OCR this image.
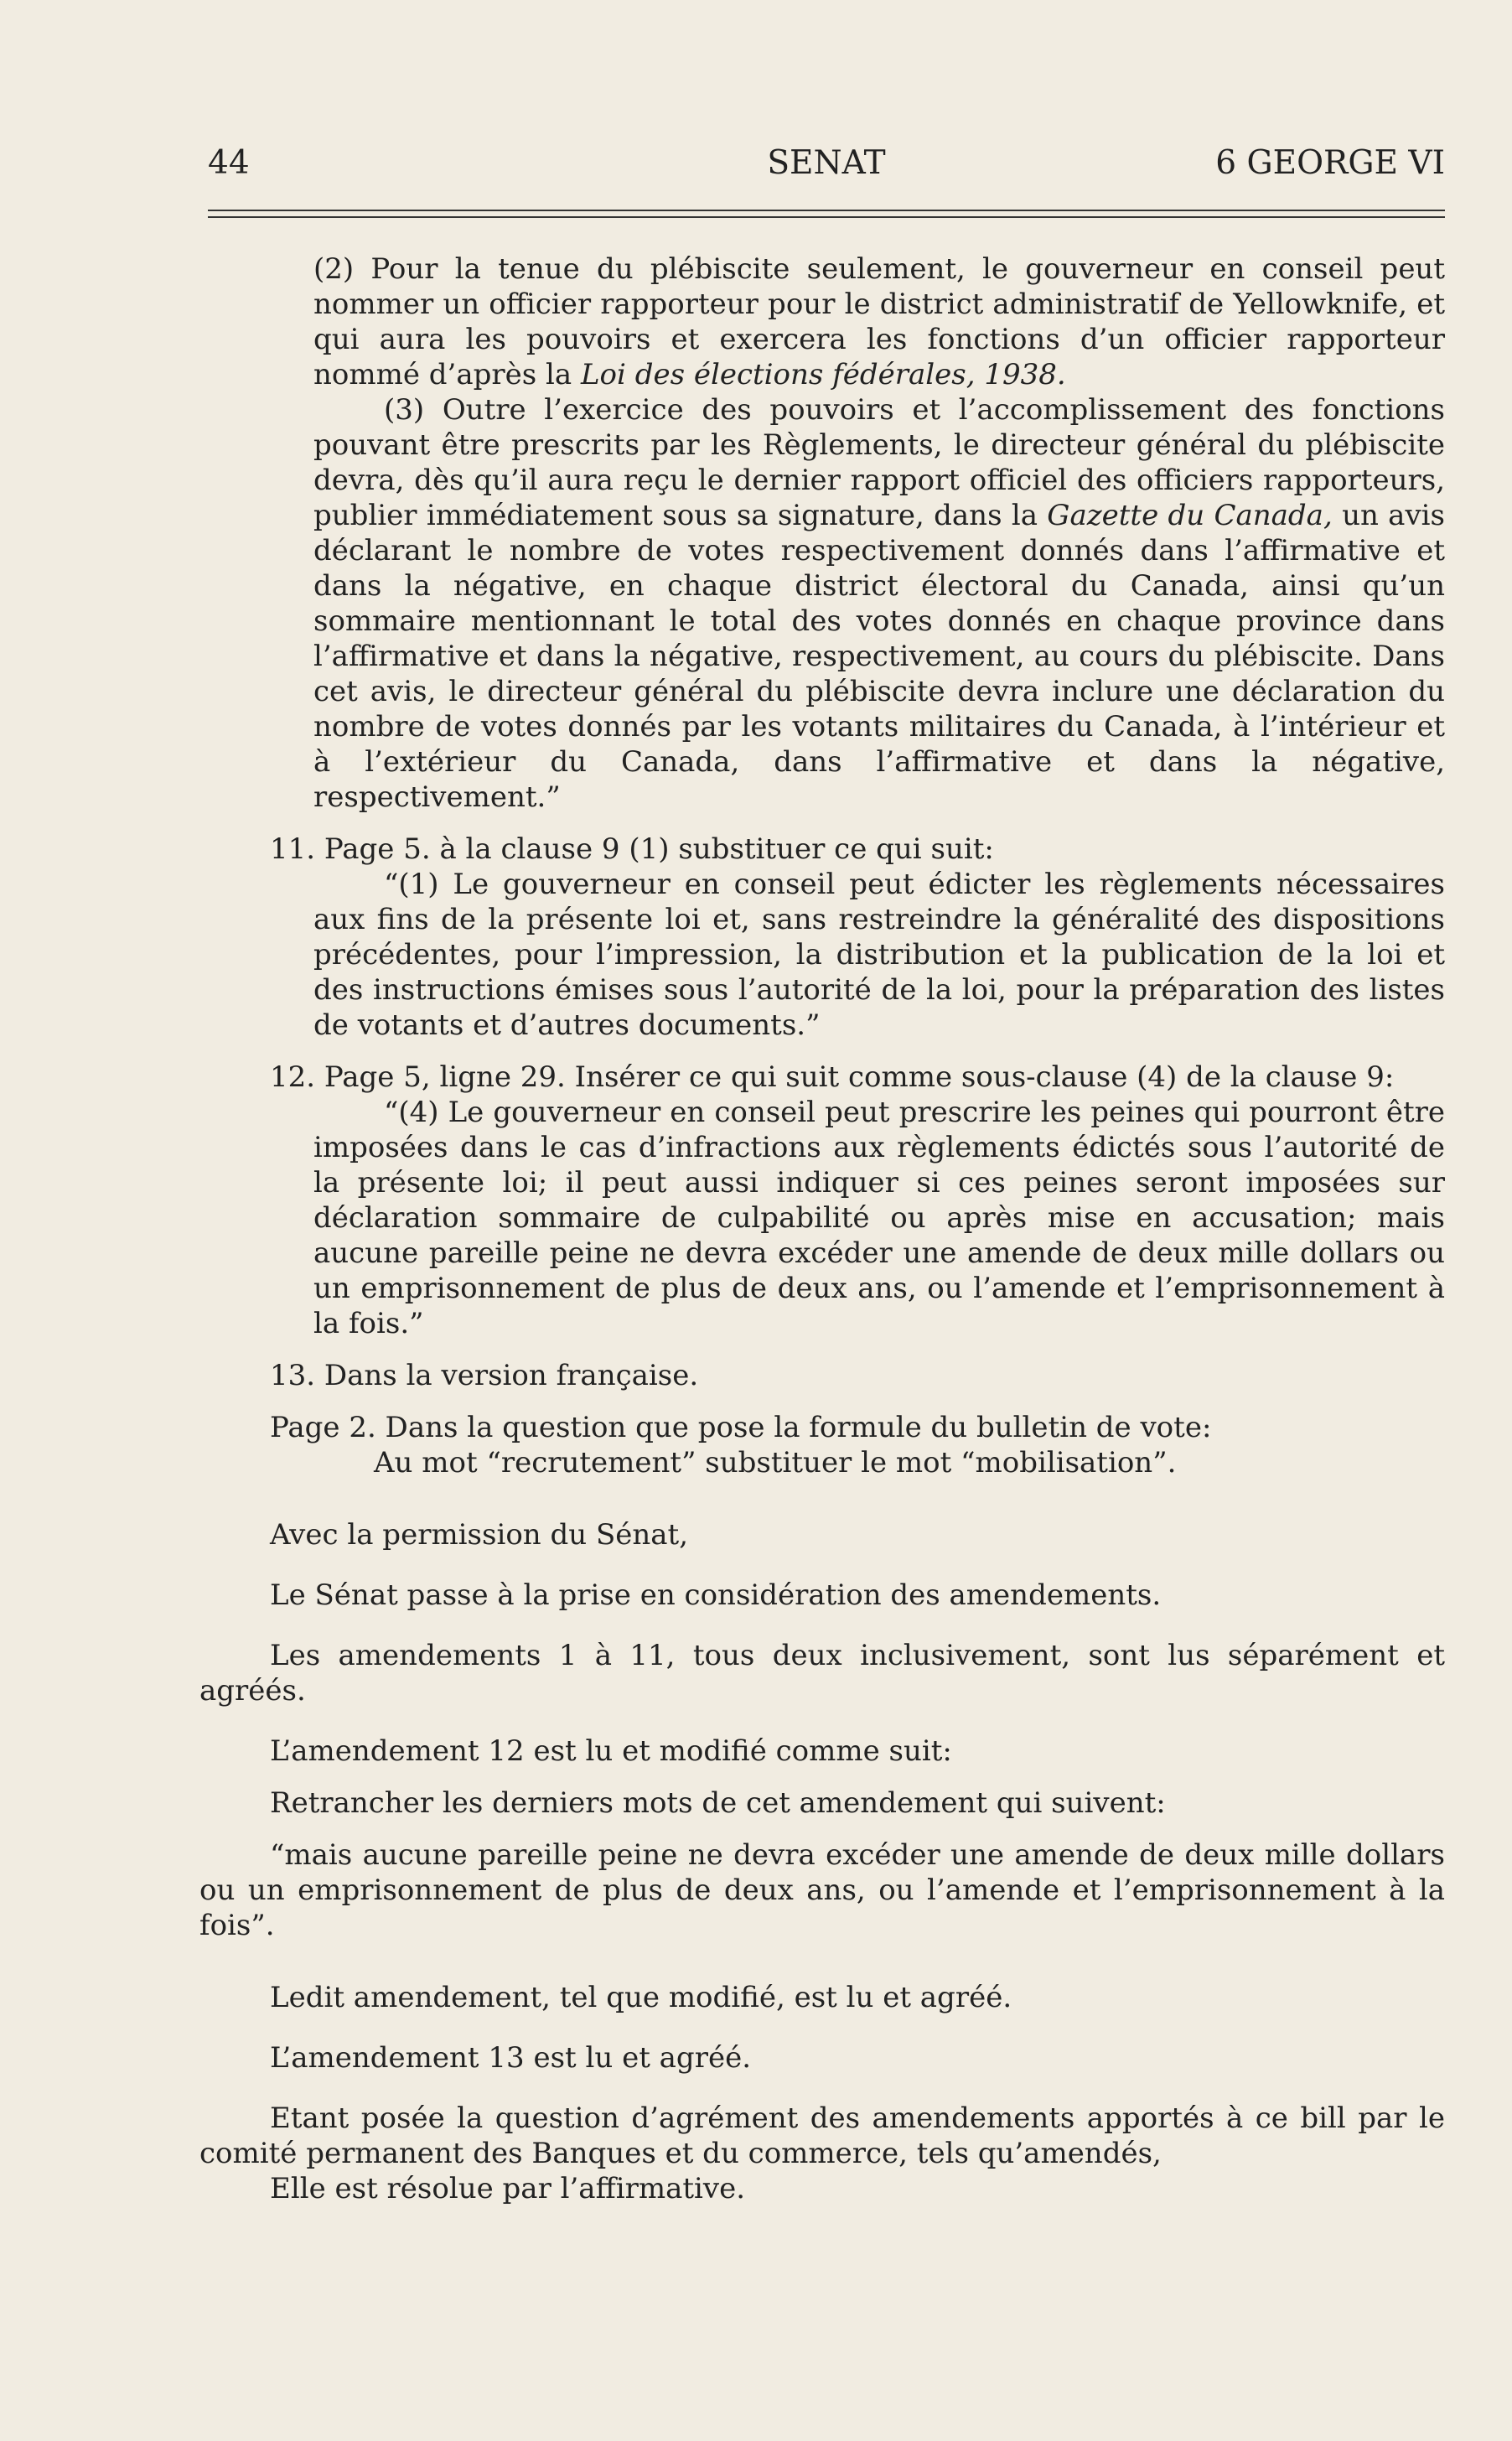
44	SENAT	6 GEORGE VI

(2) Pour la tenue du plébiscite seulement, le gouverneur en conseil peut nommer un officier rapporteur pour le district administratif de Yellowknife, et qui aura les pouvoirs et exercera les fonctions d’un officier rapporteur nommé d’après la Loi des élections fédérales, 1938.

(3) Outre l’exercice des pouvoirs et l’accomplissement des fonctions pouvant être prescrits par les Règlements, le directeur général du plébiscite devra, dès qu’il aura reçu le dernier rapport officiel des officiers rapporteurs, publier immédiatement sous sa signature, dans la Gazette du Canada, un avis déclarant le nombre de votes respectivement donnés dans l’affirmative et dans la négative, en chaque district électoral du Canada, ainsi qu’un sommaire mentionnant le total des votes donnés en chaque province dans l’affirmative et dans la négative, respectivement, au cours du plébiscite. Dans cet avis, le directeur général du plébiscite devra inclure une déclaration du nombre de votes donnés par les votants militaires du Canada, à l’intérieur et à l’extérieur du Canada, dans l’affirmative et dans la négative, respectivement.”

11. Page 5. à la clause 9 (1) substituer ce qui suit:

“(1) Le gouverneur en conseil peut édicter les règlements nécessaires aux fins de la présente loi et, sans restreindre la généralité des dispositions précédentes, pour l’impression, la distribution et la publication de la loi et des instructions émises sous l’autorité de la loi, pour la préparation des listes de votants et d’autres documents.”

12. Page 5, ligne 29. Insérer ce qui suit comme sous-clause (4) de la clause 9:

“(4) Le gouverneur en conseil peut prescrire les peines qui pourront être imposées dans le cas d’infractions aux règlements édictés sous l’autorité de la présente loi; il peut aussi indiquer si ces peines seront imposées sur déclaration sommaire de culpabilité ou après mise en accusation; mais aucune pareille peine ne devra excéder une amende de deux mille dollars ou un emprisonnement de plus de deux ans, ou l’amende et l’emprisonnement à la fois.”

13. Dans la version française.

Page 2. Dans la question que pose la formule du bulletin de vote:

Au mot “recrutement” substituer le mot “mobilisation”.

Avec la permission du Sénat,

Le Sénat passe à la prise en considération des amendements.

Les amendements 1 à 11, tous deux inclusivement, sont lus séparément et agréés.

L’amendement 12 est lu et modifié comme suit:

Retrancher les derniers mots de cet amendement qui suivent:

“mais aucune pareille peine ne devra excéder une amende de deux mille dollars ou un emprisonnement de plus de deux ans, ou l’amende et l’emprisonnement à la fois”.

Ledit amendement, tel que modifié, est lu et agréé.

L’amendement 13 est lu et agréé.

Etant posée la question d’agrément des amendements apportés à ce bill par le comité permanent des Banques et du commerce, tels qu’amendés,

Elle est résolue par l’affirmative.
